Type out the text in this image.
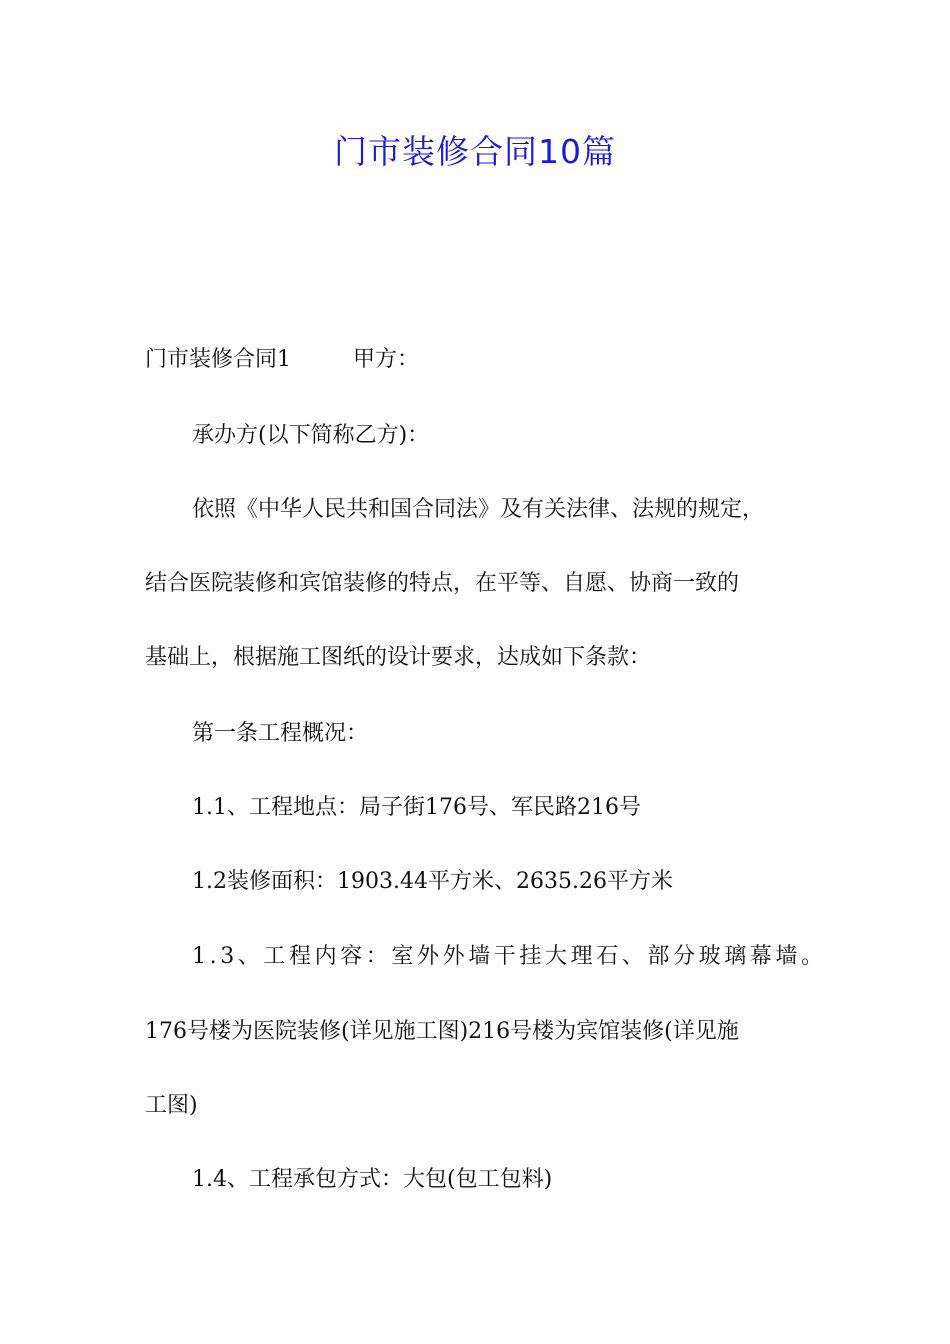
门市装修合同10篇
门市装修合同1	甲方：
承办方(以下简称乙方)：
依照《中华人民共和国合同法》及有关法律、法规的规定，
结合医院装修和宾馆装修的特点，在平等、自愿、协商一致的
基础上，根据施工图纸的设计要求，达成如下条款：
第一条工程概况：
1.1、工程地点：局子街176号、军民路216号
1.2装修面积：1903.44平方米、2635.26平方米
1.3、工程内容：室外外墙干挂大理石、部分玻璃幕墙。
176号楼为医院装修(详见施工图)216号楼为宾馆装修(详见施
工图)
1.4、工程承包方式：大包(包工包料)
